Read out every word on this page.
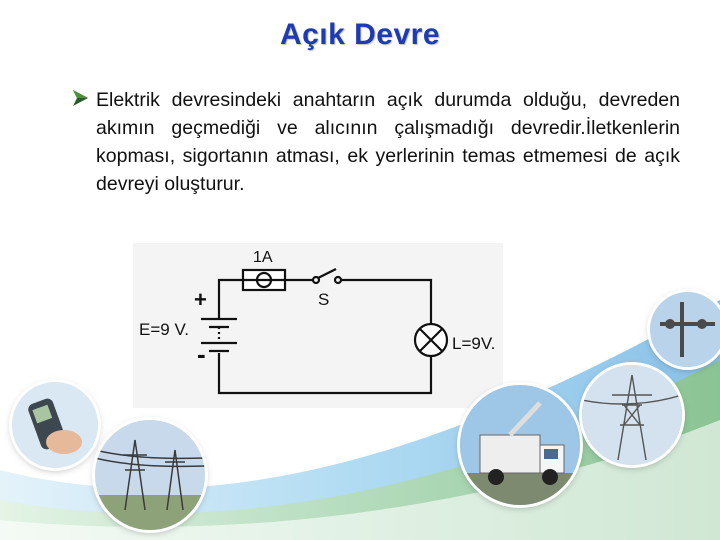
Açık Devre
Elektrik devresindeki anahtarın açık durumda olduğu, devreden akımın geçmediği ve alıcının çalışmadığı devredir.İletkenlerin kopması, sigortanın atması, ek yerlerinin temas etmemesi de açık devreyi oluşturur.
1A
S
+
-
E=9 V.
L=9V.
